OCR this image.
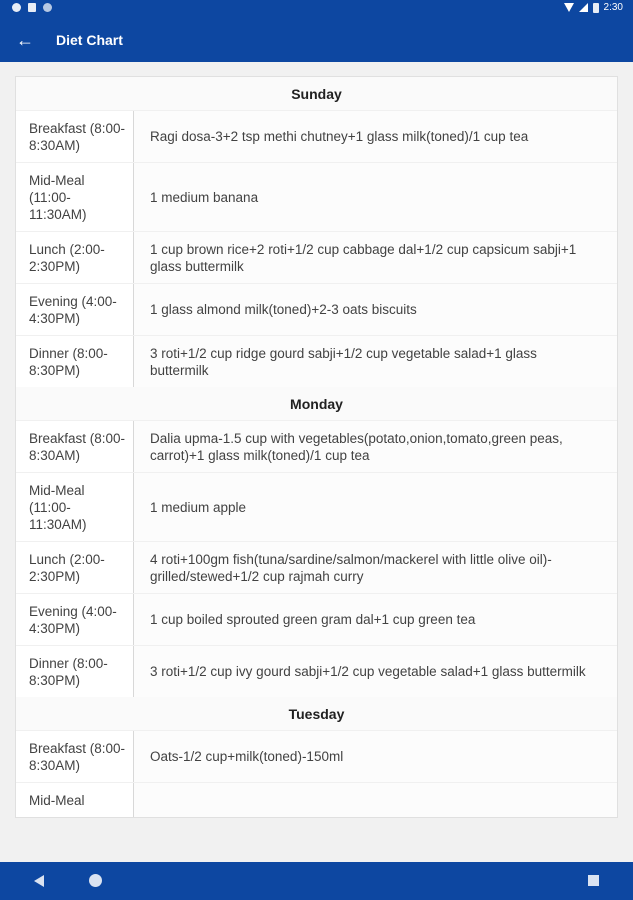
2:30
← Diet Chart
Sunday
Breakfast (8:00-8:30AM)
Ragi dosa-3+2 tsp methi chutney+1 glass milk(toned)/1 cup tea
Mid-Meal (11:00-11:30AM)
1 medium banana
Lunch (2:00-2:30PM)
1 cup brown rice+2 roti+1/2 cup cabbage dal+1/2 cup capsicum sabji+1 glass buttermilk
Evening (4:00-4:30PM)
1 glass almond milk(toned)+2-3 oats biscuits
Dinner (8:00-8:30PM)
3 roti+1/2 cup ridge gourd sabji+1/2 cup vegetable salad+1 glass buttermilk
Monday
Breakfast (8:00-8:30AM)
Dalia upma-1.5 cup with vegetables(potato,onion,tomato,green peas, carrot)+1 glass milk(toned)/1 cup tea
Mid-Meal (11:00-11:30AM)
1 medium apple
Lunch (2:00-2:30PM)
4 roti+100gm fish(tuna/sardine/salmon/mackerel with little olive oil)-grilled/stewed+1/2 cup rajmah curry
Evening (4:00-4:30PM)
1 cup boiled sprouted green gram dal+1 cup green tea
Dinner (8:00-8:30PM)
3 roti+1/2 cup ivy gourd sabji+1/2 cup vegetable salad+1 glass buttermilk
Tuesday
Breakfast (8:00-8:30AM)
Oats-1/2 cup+milk(toned)-150ml
Mid-Meal
